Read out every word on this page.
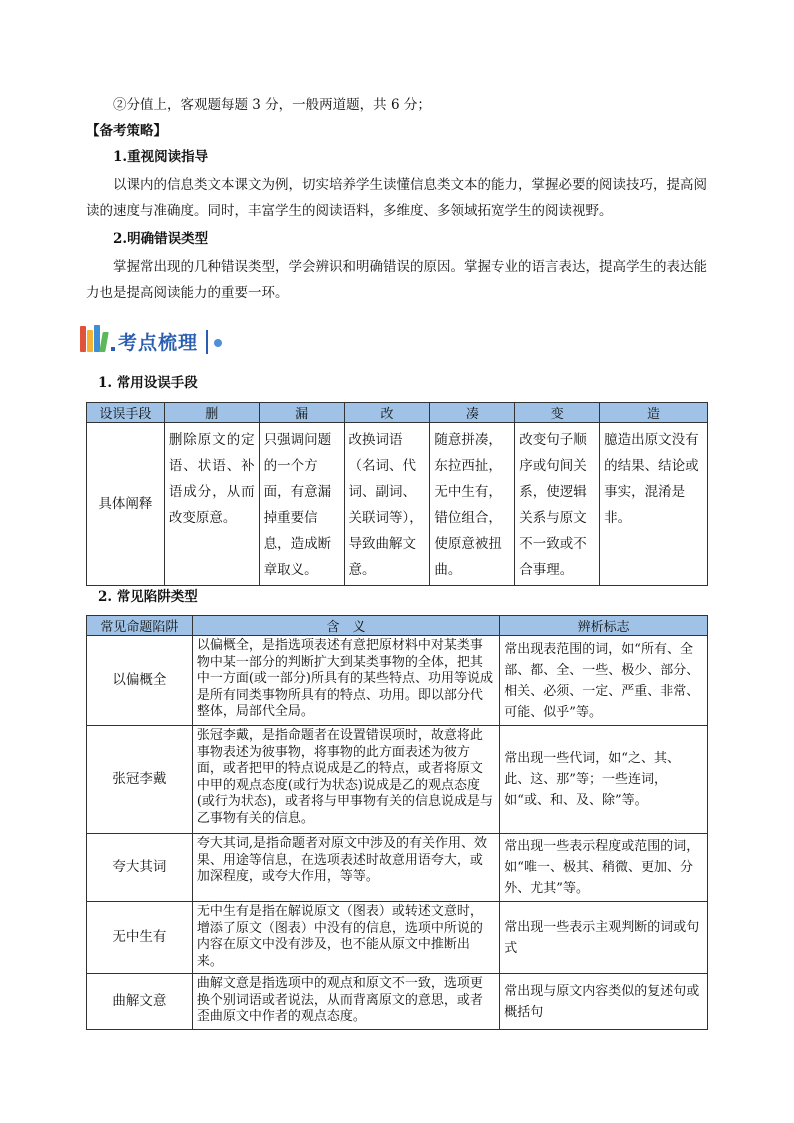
②分值上，客观题每题 3 分，一般两道题，共 6 分；

【备考策略】

1.重视阅读指导

以课内的信息类文本课文为例，切实培养学生读懂信息类文本的能力，掌握必要的阅读技巧，提高阅读的速度与准确度。同时，丰富学生的阅读语料，多维度、多领域拓宽学生的阅读视野。

2.明确错误类型

掌握常出现的几种错误类型，学会辨识和明确错误的原因。掌握专业的语言表达，提高学生的表达能力也是提高阅读能力的重要一环。

考点梳理

1. 常用设误手段

设误手段	删	漏	改	凑	变	造
具体阐释	删除原文的定语、状语、补语成分，从而改变原意。	只强调问题的一个方面，有意漏掉重要信息，造成断章取义。	改换词语（名词、代词、副词、关联词等），导致曲解文意。	随意拼凑，东拉西扯，无中生有，错位组合，使原意被扭曲。	改变句子顺序或句间关系，使逻辑关系与原文不一致或不合事理。	臆造出原文没有的结果、结论或事实，混淆是非。

2. 常见陷阱类型

常见命题陷阱	含　义	辨析标志
以偏概全	以偏概全，是指选项表述有意把原材料中对某类事物中某一部分的判断扩大到某类事物的全体，把其中一方面(或一部分)所具有的某些特点、功用等说成是所有同类事物所具有的特点、功用。即以部分代整体，局部代全局。	常出现表范围的词，如“所有、全部、都、全、一些、极少、部分、相关、必须、一定、严重、非常、可能、似乎”等。
张冠李戴	张冠李戴，是指命题者在设置错误项时，故意将此事物表述为彼事物，将事物的此方面表述为彼方面，或者把甲的特点说成是乙的特点，或者将原文中甲的观点态度(或行为状态)说成是乙的观点态度(或行为状态)，或者将与甲事物有关的信息说成是与乙事物有关的信息。	常出现一些代词，如“之、其、此、这、那”等；一些连词，如“或、和、及、除”等。
夸大其词	夸大其词,是指命题者对原文中涉及的有关作用、效果、用途等信息，在选项表述时故意用语夸大，或加深程度，或夸大作用，等等。	常出现一些表示程度或范围的词，如“唯一、极其、稍微、更加、分外、尤其”等。
无中生有	无中生有是指在解说原文（图表）或转述文意时，增添了原文（图表）中没有的信息，选项中所说的内容在原文中没有涉及，也不能从原文中推断出来。	常出现一些表示主观判断的词或句式
曲解文意	曲解文意是指选项中的观点和原文不一致，选项更换个别词语或者说法，从而背离原文的意思，或者歪曲原文中作者的观点态度。	常出现与原文内容类似的复述句或概括句
